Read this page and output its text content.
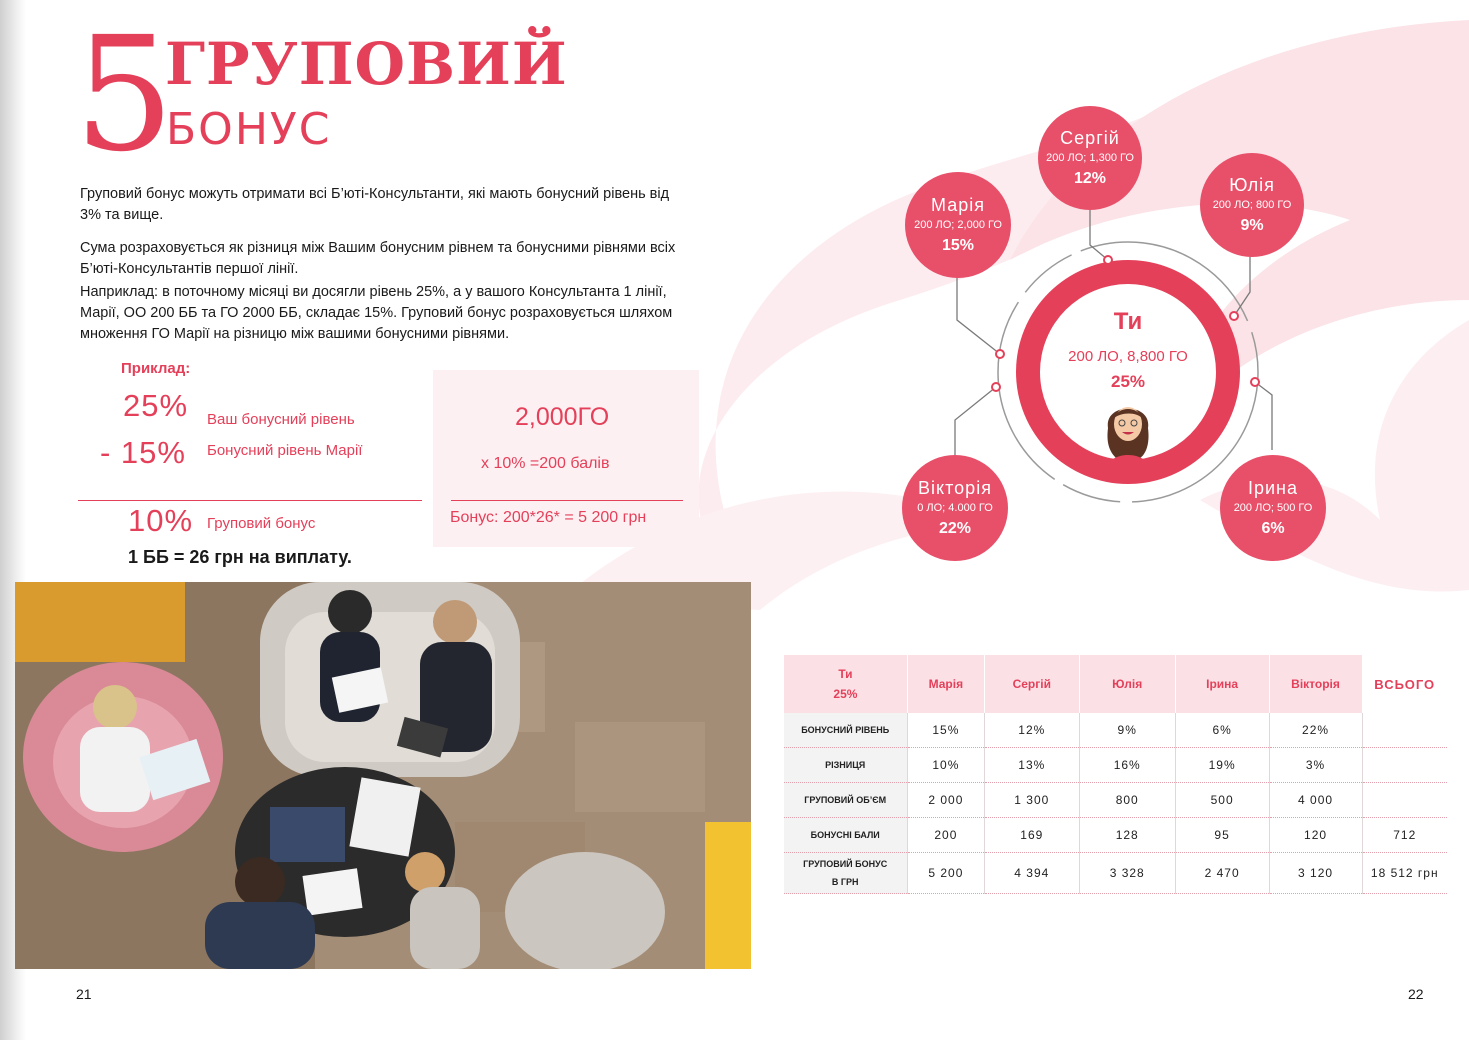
5
ГРУПОВИЙ
БОНУС

Груповий бонус можуть отримати всі Б’юті-Консультанти, які мають бонусний рівень від 3% та вище.

Сума розраховується як різниця між Вашим бонусним рівнем та бонусними рівнями всіх Б’юті-Консультантів першої лінії.

Наприклад: в поточному місяці ви досягли рівень 25%, а у вашого Консультанта 1 лінії, Марії, ОО 200 ББ та ГО 2000 ББ, складає 15%. Груповий бонус розраховується шляхом множення ГО Марії на різницю між вашими бонусними рівнями.

Приклад:
25% Ваш бонусний рівень
- 15% Бонусний рівень Марії
10% Груповий бонус
1 ББ = 26 грн на виплату.
2,000ГО
x 10% =200 балів
Бонус: 200*26* = 5 200 грн
21	22
Ти
200 ЛО, 8,800 ГО
25%
Марія
200 ЛО; 2,000 ГО
15%
Сергій
200 ЛО; 1,300 ГО
12%	Юлія
200 ЛО; 800 ГО
9%
Вікторія
0 ЛО; 4.000 ГО
22%
Ірина
200 ЛО; 500 ГО
6%
Ти
25%	Марія	Сергій	Юлія	Ірина	Вікторія	ВСЬОГО
БОНУСНИЙ РІВЕНЬ	15%	12%	9%	6%	22%	
РІЗНИЦЯ	10%	13%	16%	19%	3%	
ГРУПОВИЙ ОБ’ЄМ	2 000	1 300	800	500	4 000	
БОНУСНІ БАЛИ	200	169	128	95	120	712
ГРУПОВИЙ БОНУС
В ГРН	5 200	4 394	3 328	2 470	3 120	18 512 грн
